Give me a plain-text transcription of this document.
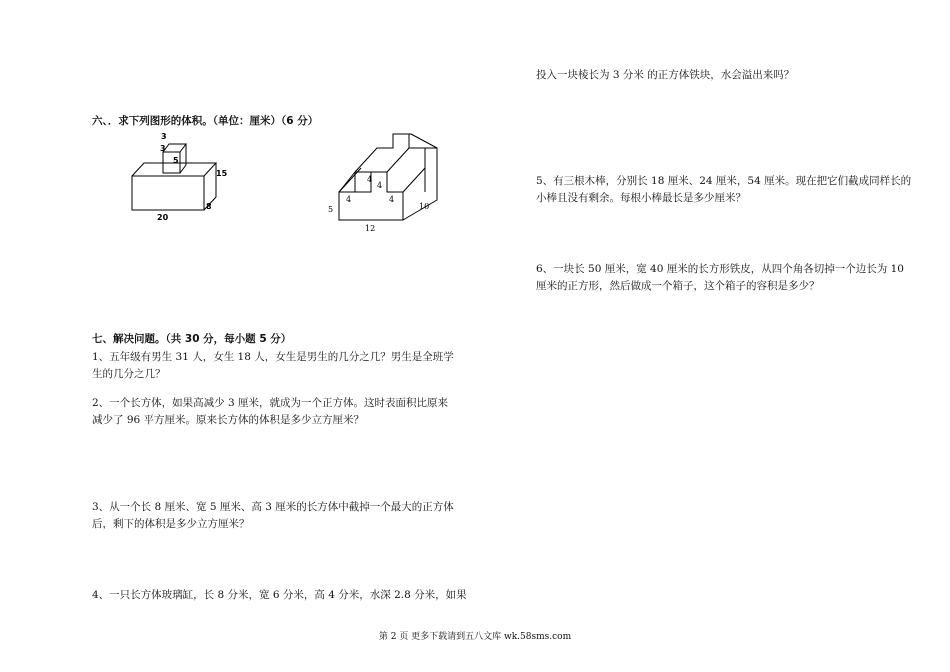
投入一块棱长为 3 分米 的正方体铁块，水会溢出来吗？
5、有三根木棒，分别长 18 厘米、24 厘米，54 厘米。现在把它们截成同样长的
小棒且没有剩余。每根小棒最长是多少厘米？
6、一块长 50 厘米，宽 40 厘米的长方形铁皮，从四个角各切掉一个边长为 10
厘米的正方形，然后做成一个箱子，这个箱子的容积是多少？
六、．求下列图形的体积。（单位：厘米）（6 分）
3
3
5
15
20
8
4
4
4
4
5	10
12
七、解决问题。（共 30 分，每小题 5 分）
1、五年级有男生 31 人，女生 18 人，女生是男生的几分之几？男生是全班学
生的几分之几？
2、一个长方体，如果高减少 3 厘米，就成为一个正方体。这时表面积比原来
减少了 96 平方厘米。原来长方体的体积是多少立方厘米？
3、从一个长 8 厘米、宽 5 厘米、高 3 厘米的长方体中截掉一个最大的正方体
后，剩下的体积是多少立方厘米？
4、一只长方体玻璃缸，长 8 分米，宽 6 分米，高 4 分米，水深 2.8 分米，如果
第 2 页 更多下载请到五八文库 wk.58sms.com
